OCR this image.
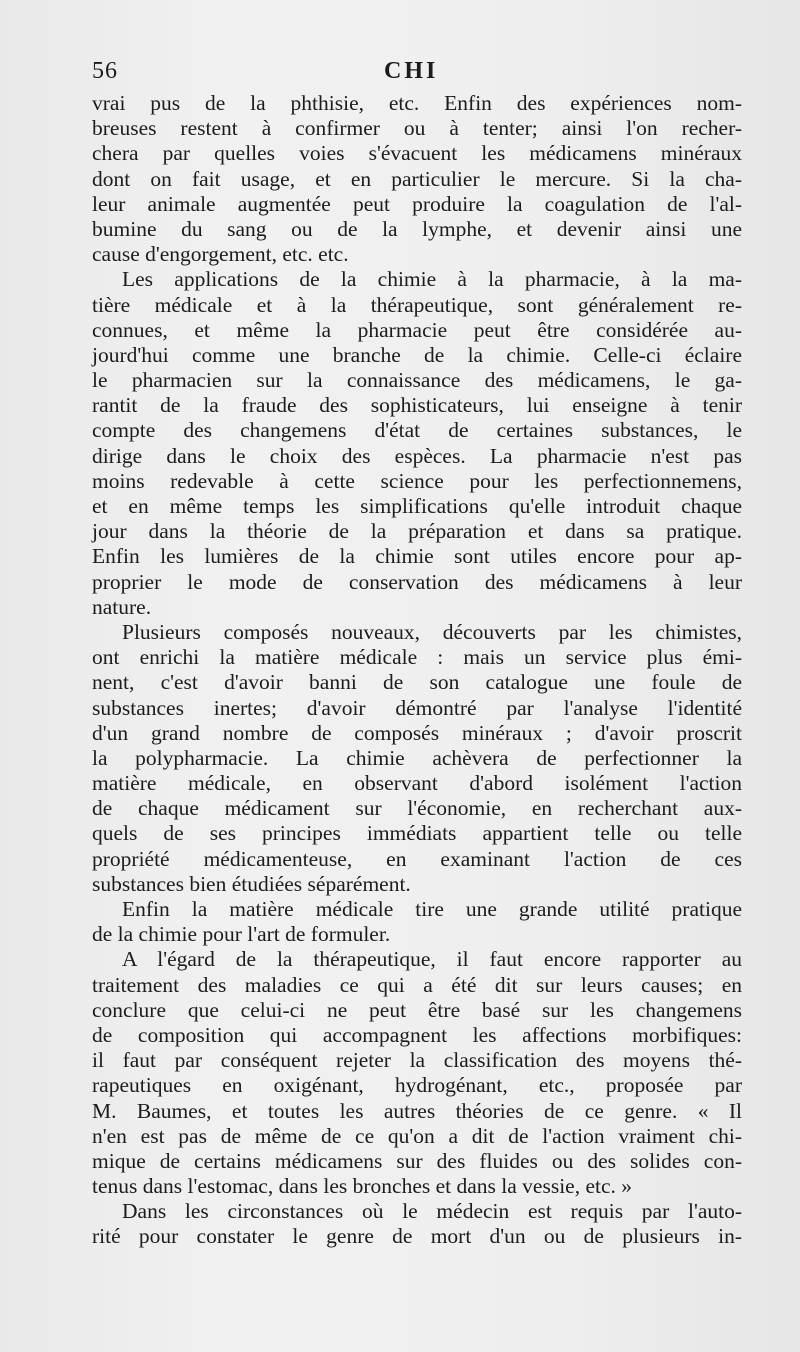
56	CHI
vrai pus de la phthisie, etc. Enfin des expériences nom-
breuses restent à confirmer ou à tenter; ainsi l'on recher-
chera par quelles voies s'évacuent les médicamens minéraux
dont on fait usage, et en particulier le mercure. Si la cha-
leur animale augmentée peut produire la coagulation de l'al-
bumine du sang ou de la lymphe, et devenir ainsi une
cause d'engorgement, etc. etc.
Les applications de la chimie à la pharmacie, à la ma-
tière médicale et à la thérapeutique, sont généralement re-
connues, et même la pharmacie peut être considérée au-
jourd'hui comme une branche de la chimie. Celle-ci éclaire
le pharmacien sur la connaissance des médicamens, le ga-
rantit de la fraude des sophisticateurs, lui enseigne à tenir
compte des changemens d'état de certaines substances, le
dirige dans le choix des espèces. La pharmacie n'est pas
moins redevable à cette science pour les perfectionnemens,
et en même temps les simplifications qu'elle introduit chaque
jour dans la théorie de la préparation et dans sa pratique.
Enfin les lumières de la chimie sont utiles encore pour ap-
proprier le mode de conservation des médicamens à leur
nature.
Plusieurs composés nouveaux, découverts par les chimistes,
ont enrichi la matière médicale : mais un service plus émi-
nent, c'est d'avoir banni de son catalogue une foule de
substances inertes; d'avoir démontré par l'analyse l'identité
d'un grand nombre de composés minéraux ; d'avoir proscrit
la polypharmacie. La chimie achèvera de perfectionner la
matière médicale, en observant d'abord isolément l'action
de chaque médicament sur l'économie, en recherchant aux-
quels de ses principes immédiats appartient telle ou telle
propriété médicamenteuse, en examinant l'action de ces
substances bien étudiées séparément.
Enfin la matière médicale tire une grande utilité pratique
de la chimie pour l'art de formuler.
A l'égard de la thérapeutique, il faut encore rapporter au
traitement des maladies ce qui a été dit sur leurs causes; en
conclure que celui-ci ne peut être basé sur les changemens
de composition qui accompagnent les affections morbifiques:
il faut par conséquent rejeter la classification des moyens thé-
rapeutiques en oxigénant, hydrogénant, etc., proposée par
M. Baumes, et toutes les autres théories de ce genre. « Il
n'en est pas de même de ce qu'on a dit de l'action vraiment chi-
mique de certains médicamens sur des fluides ou des solides con-
tenus dans l'estomac, dans les bronches et dans la vessie, etc. »
Dans les circonstances où le médecin est requis par l'auto-
rité pour constater le genre de mort d'un ou de plusieurs in-
